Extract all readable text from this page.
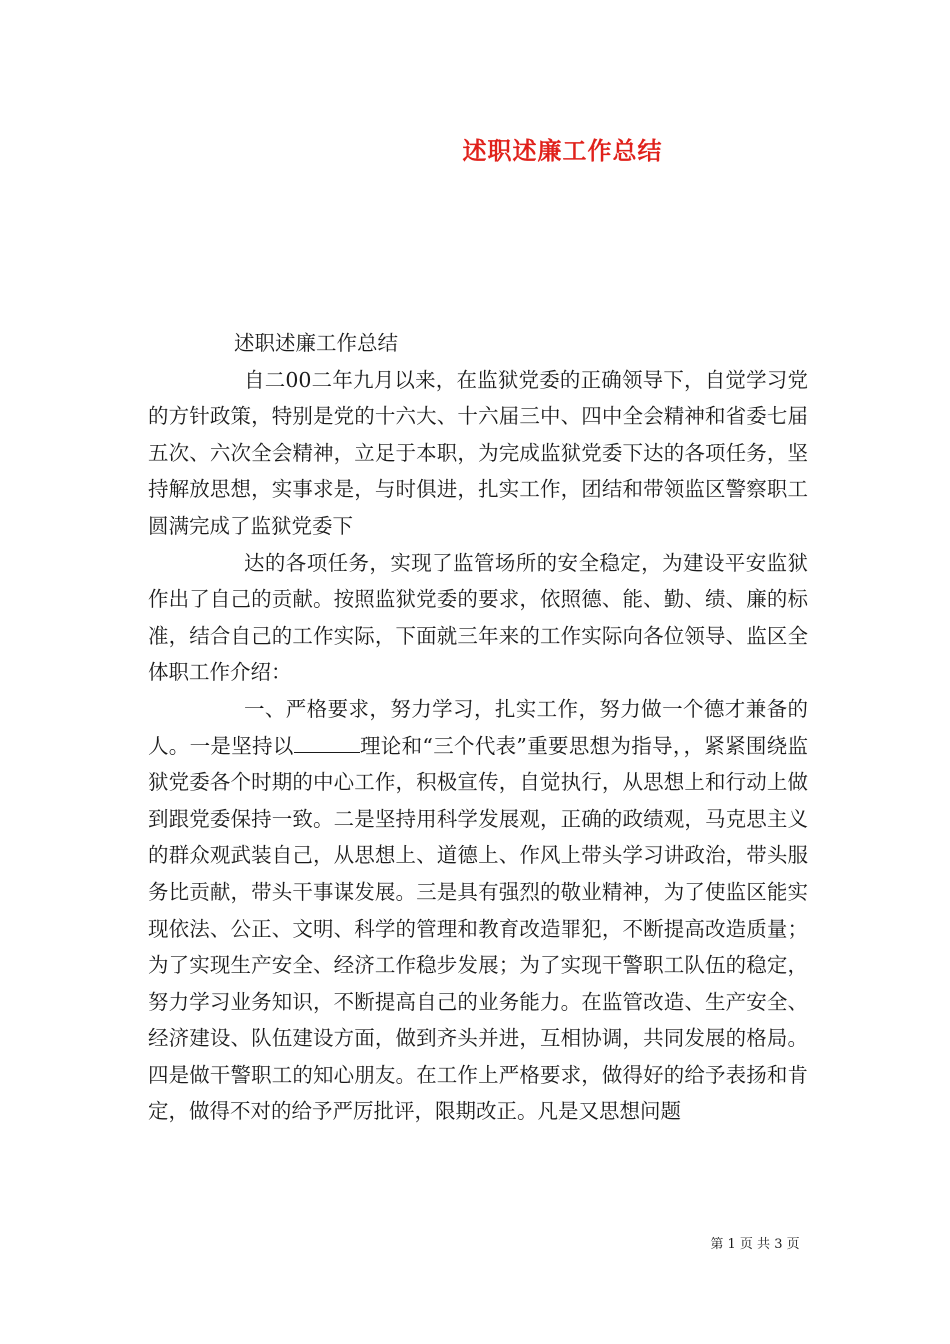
述职述廉工作总结

述职述廉工作总结

自二00二年九月以来，在监狱党委的正确领导下，自觉学习党的方针政策，特别是党的十六大、十六届三中、四中全会精神和省委七届五次、六次全会精神，立足于本职，为完成监狱党委下达的各项任务，坚持解放思想，实事求是，与时俱进，扎实工作，团结和带领监区警察职工圆满完成了监狱党委下

达的各项任务，实现了监管场所的安全稳定，为建设平安监狱作出了自己的贡献。按照监狱党委的要求，依照德、能、勤、绩、廉的标准，结合自己的工作实际，下面就三年来的工作实际向各位领导、监区全体职工作介绍：

一、严格要求，努力学习，扎实工作，努力做一个德才兼备的人。一是坚持以	理论和“三个代表”重要思想为指导，，紧紧围绕监狱党委各个时期的中心工作，积极宣传，自觉执行，从思想上和行动上做到跟党委保持一致。二是坚持用科学发展观，正确的政绩观，马克思主义的群众观武装自己，从思想上、道德上、作风上带头学习讲政治，带头服务比贡献，带头干事谋发展。三是具有强烈的敬业精神，为了使监区能实现依法、公正、文明、科学的管理和教育改造罪犯，不断提高改造质量；为了实现生产安全、经济工作稳步发展；为了实现干警职工队伍的稳定，努力学习业务知识，不断提高自己的业务能力。在监管改造、生产安全、经济建设、队伍建设方面，做到齐头并进，互相协调，共同发展的格局。四是做干警职工的知心朋友。在工作上严格要求，做得好的给予表扬和肯定，做得不对的给予严厉批评，限期改正。凡是又思想问题

第 1 页 共 3 页
